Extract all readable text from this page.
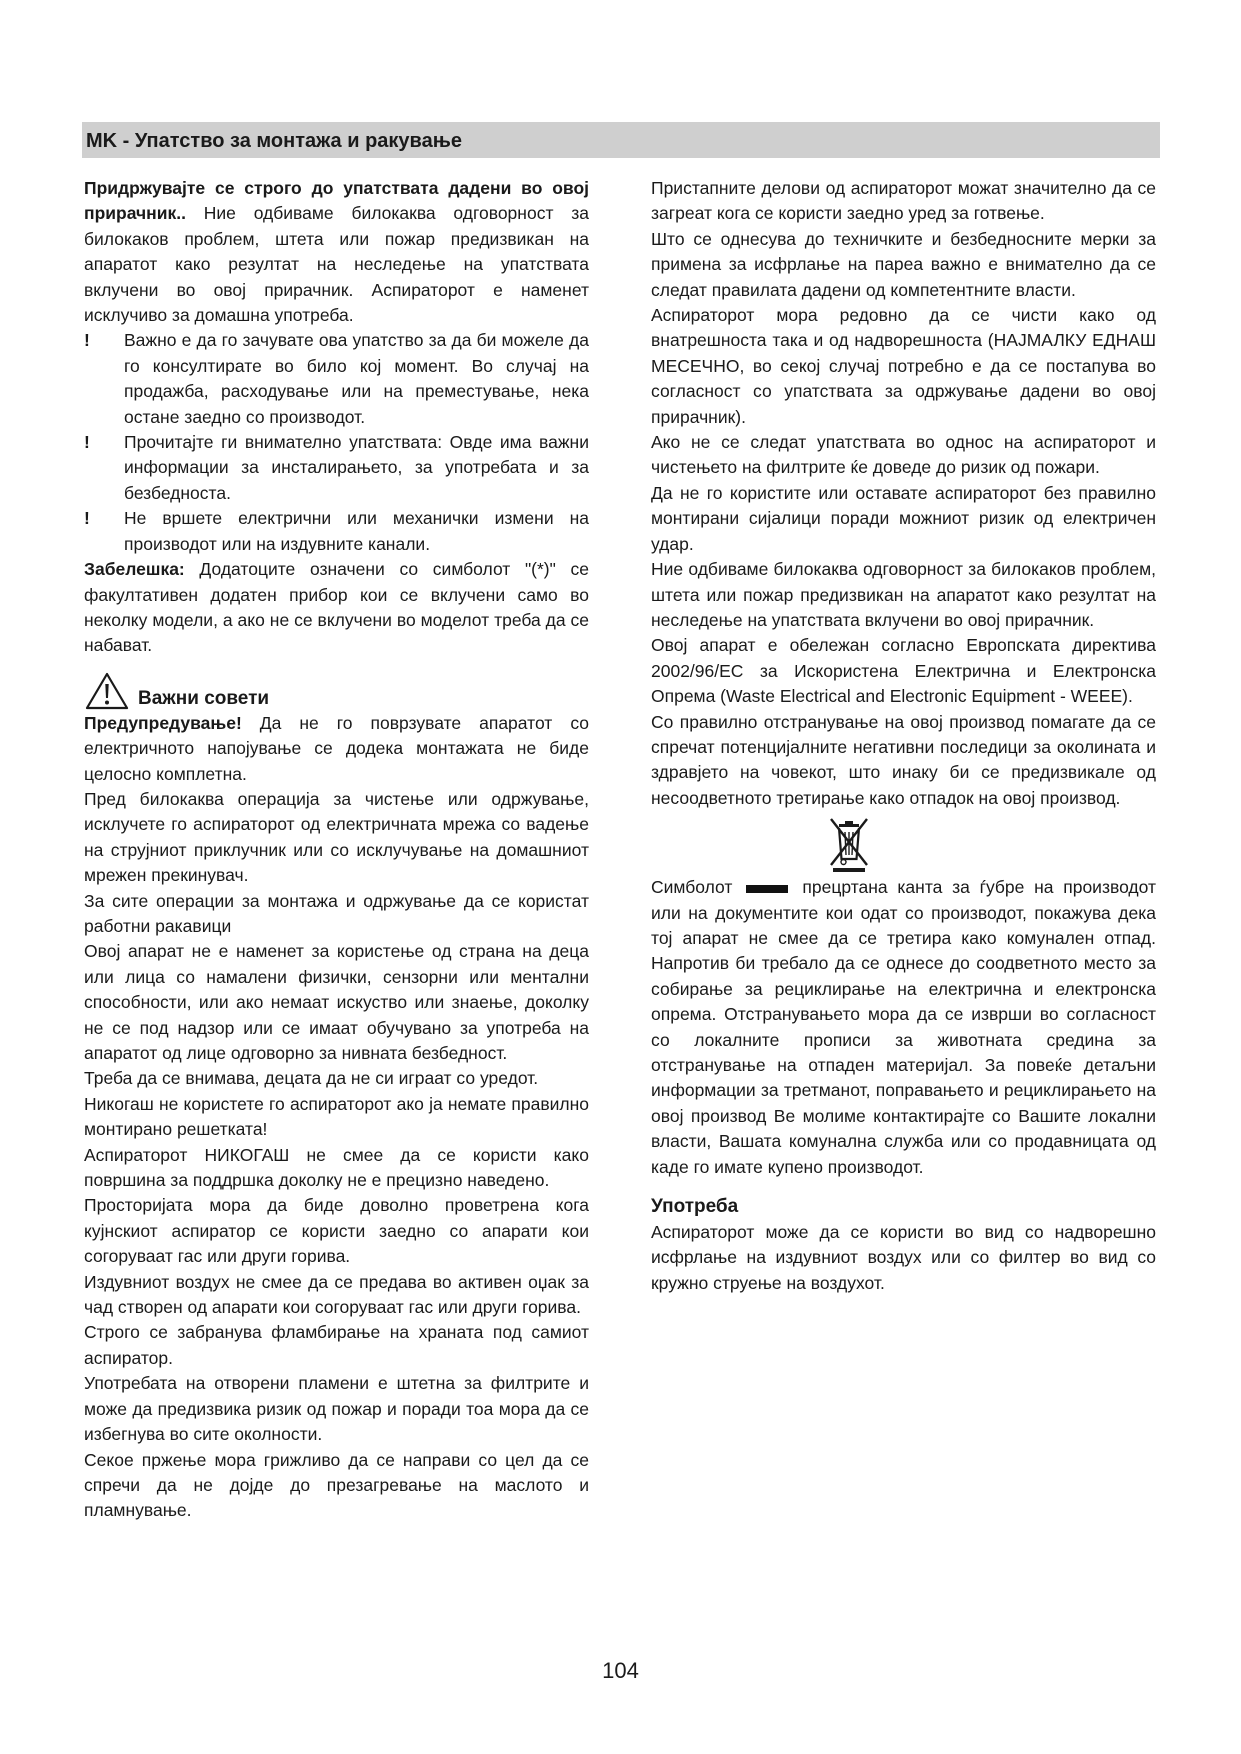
MK - Упатство за монтажа и ракување

Придржувајте се строго до упатствата дадени во овој прирачник.. Ние одбиваме билокаква одговорност за билокаков проблем, штета или пожар предизвикан на апаратот како резултат на неследење на упатствата вклучени во овој прирачник. Аспираторот е наменет исклучиво за домашна употреба.

! Важно е да го зачувате ова упатство за да би можеле да го консултирате во било кој момент. Во случај на продажба, расходување или на преместување, нека остане заедно со производот.

! Прочитајте ги внимателно упатствата: Овде има важни информации за инсталирањето, за употребата и за безбедноста.

! Не вршете електрични или механички измени на производот или на издувните канали.

Забелешка: Додатоците означени со симболот "(*)" се факултативен додатен прибор кои се вклучени само во неколку модели, а ако не се вклучени во моделот треба да се набават.

Важни совети

Предупредување! Да не го поврзувате апаратот со електричното напојување се додека монтажата не биде целосно комплетна.

Пред билокаква операција за чистење или одржување, исклучете го аспираторот од електричната мрежа со вадење на струјниот приклучник или со исклучување на домашниот мрежен прекинувач.

За сите операции за монтажа и одржување да се користат работни ракавици

Овој апарат не е наменет за користење од страна на деца или лица со намалени физички, сензорни или ментални способности, или ако немаат искуство или знаење, доколку не се под надзор или се имаат обучувано за употреба на апаратот од лице одговорно за нивната безбедност.

Треба да се внимава, децата да не си играат со уредот.

Никогаш не користете го аспираторот ако ја немате правилно монтирано решетката!

Аспираторот НИКОГАШ не смее да се користи како површина за поддршка доколку не е прецизно наведено.

Просторијата мора да биде доволно проветрена кога кујнскиот аспиратор се користи заедно со апарати кои согоруваат гас или други горива.

Издувниот воздух не смее да се предава во активен оџак за чад створен од апарати кои согоруваат гас или други горива.

Строго се забранува фламбирање на храната под самиот аспиратор.

Употребата на отворени пламени е штетна за филтрите и може да предизвика ризик од пожар и поради тоа мора да се избегнува во сите околности.

Секое пржење мора грижливо да се направи со цел да се спречи да не дојде до презагревање на маслото и пламнување.

Пристапните делови од аспираторот можат значително да се загреат кога се користи заедно уред за готвење.

Што се однесува до техничките и безбедносните мерки за примена за исфрлање на пареа важно е внимателно да се следат правилата дадени од компетентните власти.

Аспираторот мора редовно да се чисти како од внатрешноста така и од надворешноста (НАЈМАЛКУ ЕДНАШ МЕСЕЧНО, во секој случај потребно е да се постапува во согласност со упатствата за одржување дадени во овој прирачник).

Ако не се следат упатствата во однос на аспираторот и чистењето на филтрите ќе доведе до ризик од пожари.

Да не го користите или оставате аспираторот без правилно монтирани сијалици поради можниот ризик од електричен удар.

Ние одбиваме билокаква одговорност за билокаков проблем, штета или пожар предизвикан на апаратот како резултат на неследење на упатствата вклучени во овој прирачник.

Овој апарат е обележан согласно Европската директива 2002/96/EC за Искористена Електрична и Електронска Опрема (Waste Electrical and Electronic Equipment - WEEE).

Со правилно отстранување на овој производ помагате да се спречат потенцијалните негативни последици за околината и здравјето на човекот, што инаку би се предизвикале од несоодветното третирање како отпадок на овој производ.

Симболот	прецртана канта за ѓубре на производот или на документите кои одат со производот, покажува дека тој апарат не смее да се третира како комунален отпад. Напротив би требало да се однесе до соодветното место за собирање за рециклирање на електрична и електронска опрема. Отстранувањето мора да се изврши во согласност со локалните прописи за животната средина за отстранување на отпаден материјал. За повеќе детаљни информации за третманот, поправањето и рециклирањето на овој производ Ве молиме контактирајте со Вашите локални власти, Вашата комунална служба или со продавницата од каде го имате купено производот.

Употреба

Аспираторот може да се користи во вид со надворешно исфрлање на издувниот воздух или со филтер во вид со кружно струење на воздухот.

104
